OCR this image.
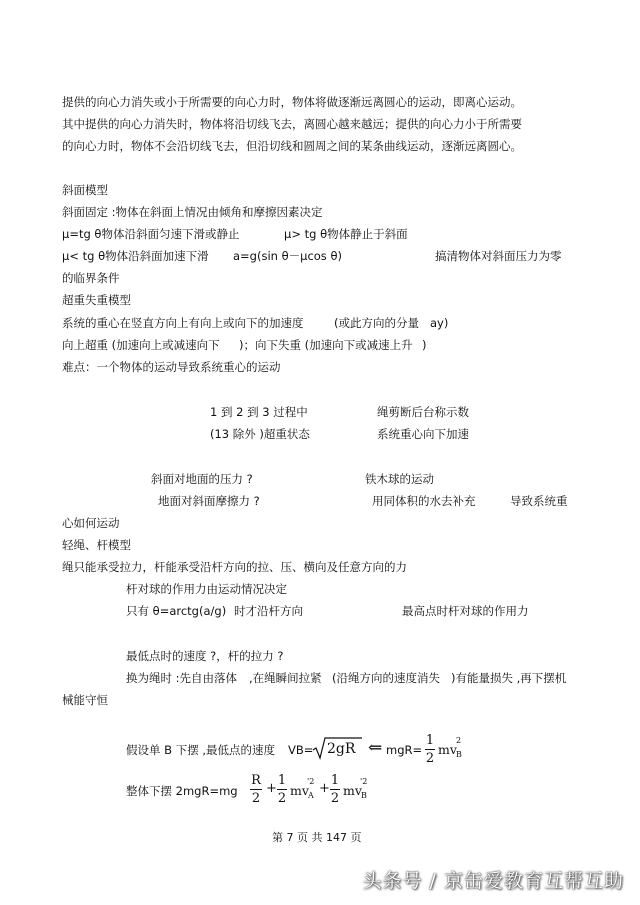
提供的向心力消失或小于所需要的向心力时，物体将做逐渐远离圆心的运动，即离心运动。
其中提供的向心力消失时，物体将沿切线飞去，离圆心越来越远；提供的向心力小于所需要
的向心力时，物体不会沿切线飞去，但沿切线和圆周之间的某条曲线运动，逐渐远离圆心。
斜面模型
斜面固定 :物体在斜面上情况由倾角和摩擦因素决定
μ=tg θ物体沿斜面匀速下滑或静止	μ> tg θ物体静止于斜面
μ< tg θ物体沿斜面加速下滑 a=g(sin θ－μcos θ)	搞清物体对斜面压力为零
的临界条件
超重失重模型
系统的重心在竖直方向上有向上或向下的加速度	(或此方向的分量 ay)
向上超重 (加速向上或减速向下 )；向下失重 (加速向下或减速上升 )
难点：一个物体的运动导致系统重心的运动
1 到 2 到 3 过程中	绳剪断后台称示数
(13 除外 )超重状态	系统重心向下加速
斜面对地面的压力 ?	铁木球的运动
地面对斜面摩擦力 ?	用同体积的水去补充	导致系统重
心如何运动
轻绳、杆模型
绳只能承受拉力，杆能承受沿杆方向的拉、压、横向及任意方向的力
杆对球的作用力由运动情况决定
只有 θ=arctg(a/g) 时才沿杆方向	最高点时杆对球的作用力
最低点时的速度 ?，杆的拉力 ?
换为绳时 :先自由落体 ,在绳瞬间拉紧 (沿绳方向的速度消失 )有能量损失 ,再下摆机
械能守恒
假设单 B 下摆 ,最低点的速度 VB= 2gR ⇐ mgR=
1
2
mv
2
B
整体下摆 2mgR=mg
R
2
+
1
2
mv
'2
A +
1
2
mv
'2
B
第 7 页 共 147 页
头条号 / 京缶爱教育互帮互助
